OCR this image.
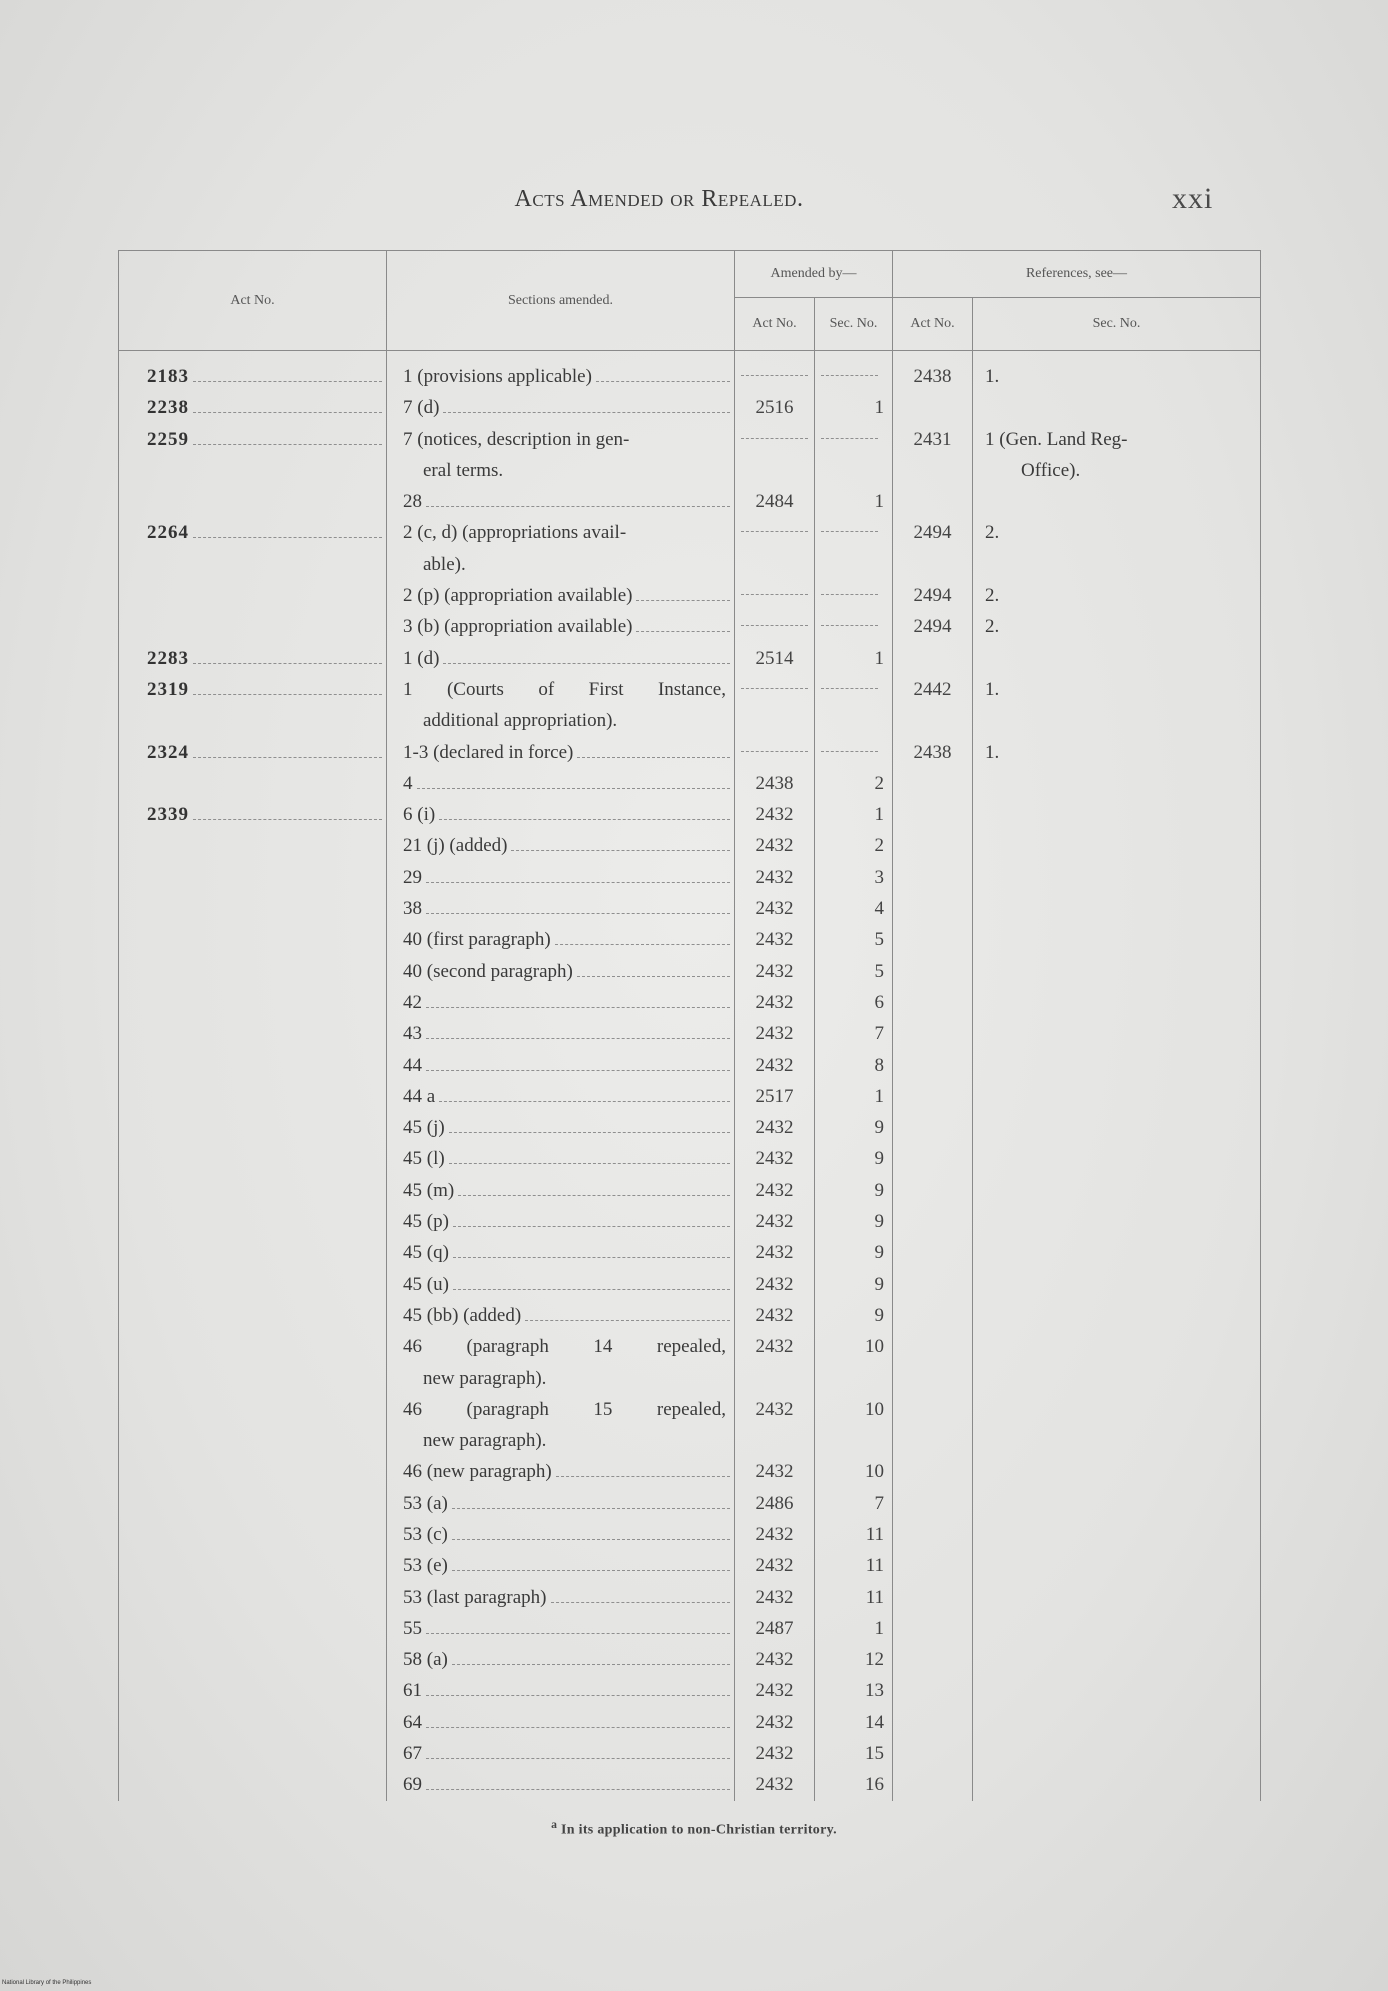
Acts Amended or Repealed.	xxi
Act No.	Sections amended.	Amended by—		References, see—	
		Act No.	Sec. No.	Act No.	Sec. No.

2183	1 (provisions applicable)			2438	1.

2238	7 (d)	2516	1		

2259	7 (notices, description in gen-
eral terms.			2431	1 (Gen. Land Reg-
Office).

	28	2484	1		

2264	2 (c, d) (appropriations avail-
able).			2494	2.

	2 (p) (appropriation available)			2494	2.

	3 (b) (appropriation available)			2494	2.

2283	1 (d)	2514	1		

2319	1 (Courts of First Instance,
additional appropriation).			2442	1.

2324	1-3 (declared in force)			2438	1.

	4	2438	2		

2339	6 (i)	2432	1		

	21 (j) (added)	2432	2		

	29	2432	3		

	38	2432	4		

	40 (first paragraph)	2432	5		

	40 (second paragraph)	2432	5		

	42	2432	6		

	43	2432	7		

	44	2432	8		

	44 a	2517	1		

	45 (j)	2432	9		

	45 (l)	2432	9		

	45 (m)	2432	9		

	45 (p)	2432	9		

	45 (q)	2432	9		

	45 (u)	2432	9		

	45 (bb) (added)	2432	9		

	46 (paragraph 14 repealed,
new paragraph).	2432	10		

	46 (paragraph 15 repealed,
new paragraph).	2432	10		

	46 (new paragraph)	2432	10		

	53 (a)	2486	7		

	53 (c)	2432	11		

	53 (e)	2432	11		

	53 (last paragraph)	2432	11		

	55	2487	1		

	58 (a)	2432	12		

	61	2432	13		

	64	2432	14		

	67	2432	15		

	69	2432	16		
$^a$ In its application to non-Christian territory.
National Library of the Philippines
